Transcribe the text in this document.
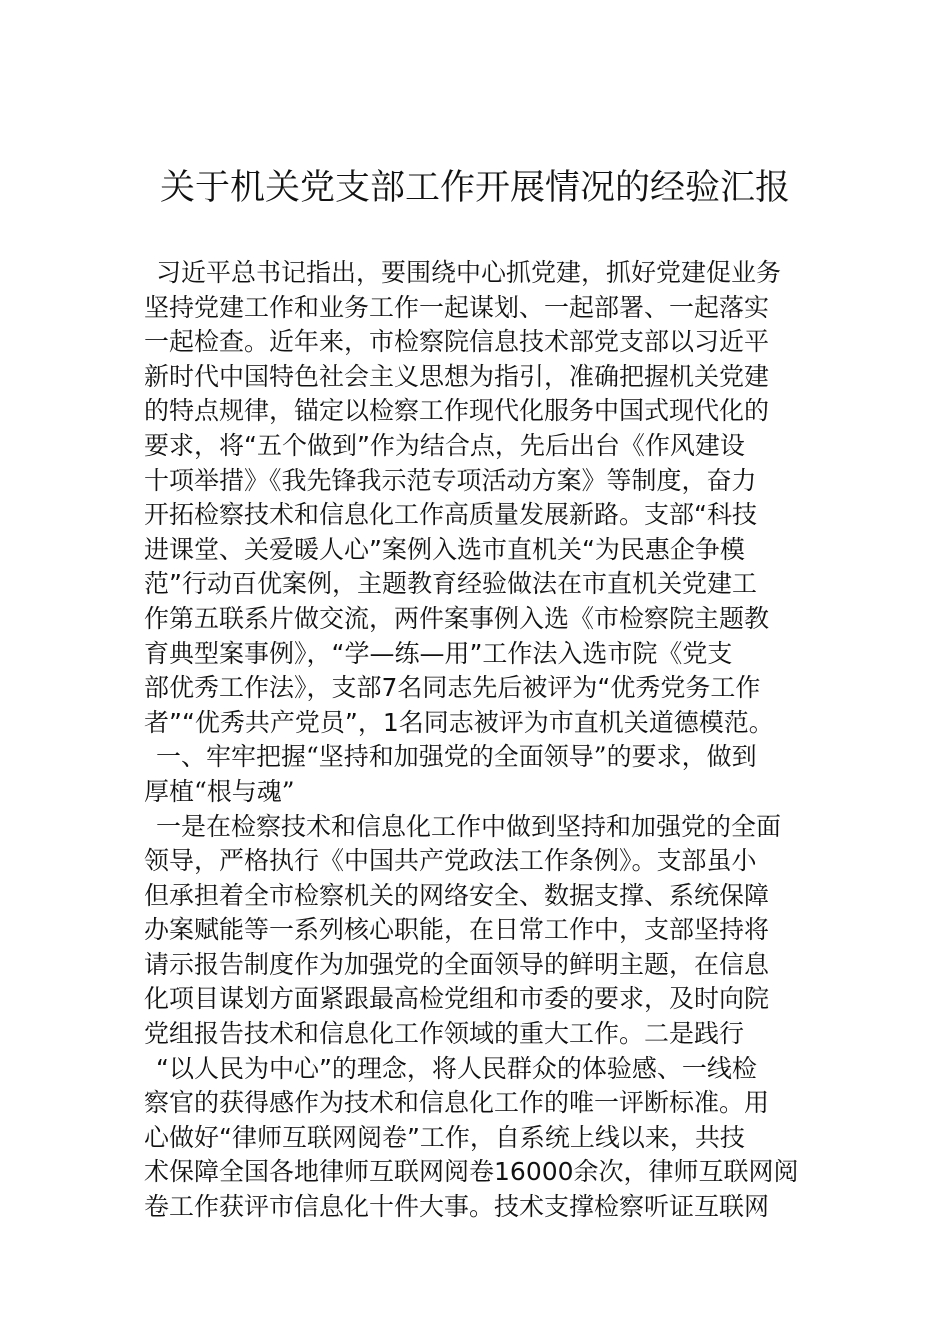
关于机关党支部工作开展情况的经验汇报
习近平总书记指出，要围绕中心抓党建，抓好党建促业务
坚持党建工作和业务工作一起谋划、一起部署、一起落实
一起检查。近年来，市检察院信息技术部党支部以习近平
新时代中国特色社会主义思想为指引，准确把握机关党建
的特点规律，锚定以检察工作现代化服务中国式现代化的
要求，将“五个做到”作为结合点，先后出台《作风建设
十项举措》《我先锋我示范专项活动方案》等制度，奋力
开拓检察技术和信息化工作高质量发展新路。支部“科技
进课堂、关爱暖人心”案例入选市直机关“为民惠企争模
范”行动百优案例，主题教育经验做法在市直机关党建工
作第五联系片做交流，两件案事例入选《市检察院主题教
育典型案事例》，“学—练—用”工作法入选市院《党支
部优秀工作法》，支部7名同志先后被评为“优秀党务工作
者”“优秀共产党员”，1名同志被评为市直机关道德模范。
一、牢牢把握“坚持和加强党的全面领导”的要求，做到
厚植“根与魂”
一是在检察技术和信息化工作中做到坚持和加强党的全面
领导，严格执行《中国共产党政法工作条例》。支部虽小
但承担着全市检察机关的网络安全、数据支撑、系统保障
办案赋能等一系列核心职能，在日常工作中，支部坚持将
请示报告制度作为加强党的全面领导的鲜明主题，在信息
化项目谋划方面紧跟最高检党组和市委的要求，及时向院
党组报告技术和信息化工作领域的重大工作。二是践行
“以人民为中心”的理念，将人民群众的体验感、一线检
察官的获得感作为技术和信息化工作的唯一评断标准。用
心做好“律师互联网阅卷”工作，自系统上线以来，共技
术保障全国各地律师互联网阅卷16000余次，律师互联网阅
卷工作获评市信息化十件大事。技术支撑检察听证互联网
